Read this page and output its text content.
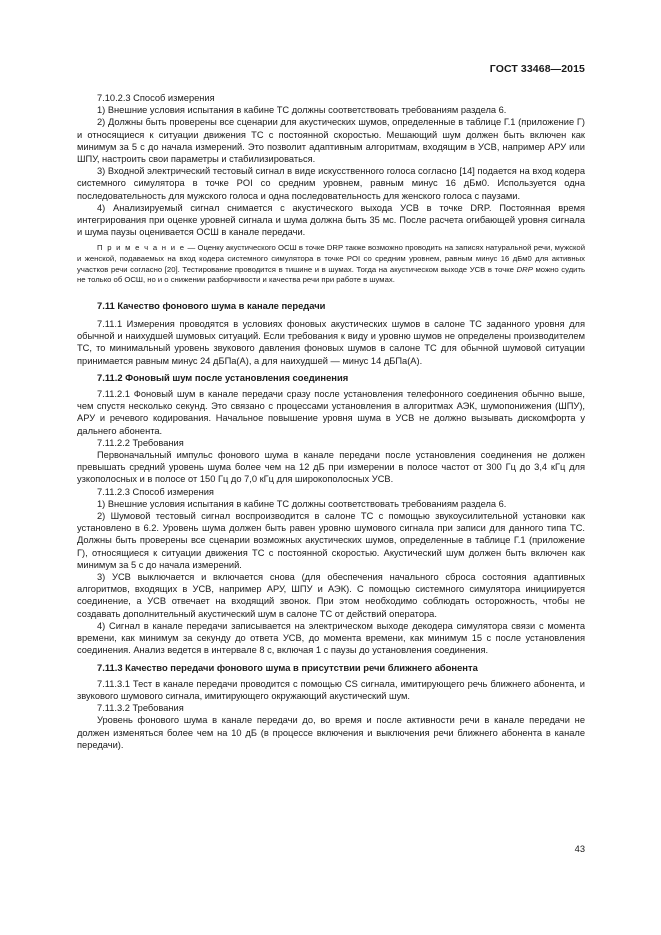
ГОСТ 33468—2015

7.10.2.3 Способ измерения

1) Внешние условия испытания в кабине ТС должны соответствовать требованиям раздела 6.

2) Должны быть проверены все сценарии для акустических шумов, определенные в таблице Г.1 (приложение Г) и относящиеся к ситуации движения ТС с постоянной скоростью. Мешающий шум должен быть включен как минимум за 5 с до начала измерений. Это позволит адаптивным алгоритмам, входящим в УСВ, например АРУ или ШПУ, настроить свои параметры и стабилизироваться.

3) Входной электрический тестовый сигнал в виде искусственного голоса согласно [14] подается на вход кодера системного симулятора в точке POI со средним уровнем, равным минус 16 дБм0. Используется одна последовательность для мужского голоса и одна последовательность для женского голоса с паузами.

4) Анализируемый сигнал снимается с акустического выхода УСВ в точке DRP. Постоянная время интегрирования при оценке уровней сигнала и шума должна быть 35 мс. После расчета огибающей уровня сигнала и шума паузы оценивается ОСШ в канале передачи.

П р и м е ч а н и е — Оценку акустического ОСШ в точке DRP также возможно проводить на записях натуральной речи, мужской и женской, подаваемых на вход кодера системного симулятора в точке POI со средним уровнем, равным минус 16 дБм0 для активных участков речи согласно [20]. Тестирование проводится в тишине и в шумах. Тогда на акустическом выходе УСВ в точке DRP можно судить не только об ОСШ, но и о снижении разборчивости и качества речи при работе в шумах.

7.11 Качество фонового шума в канале передачи

7.11.1 Измерения проводятся в условиях фоновых акустических шумов в салоне ТС заданного уровня для обычной и наихудшей шумовых ситуаций. Если требования к виду и уровню шумов не определены производителем ТС, то минимальный уровень звукового давления фоновых шумов в салоне ТС для обычной шумовой ситуации принимается равным минус 24 дБПа(А), а для наихудшей — минус 14 дБПа(А).

7.11.2 Фоновый шум после установления соединения

7.11.2.1 Фоновый шум в канале передачи сразу после установления телефонного соединения обычно выше, чем спустя несколько секунд. Это связано с процессами установления в алгоритмах АЭК, шумопонижения (ШПУ), АРУ и речевого кодирования. Начальное повышение уровня шума в УСВ не должно вызывать дискомфорта у дальнего абонента.

7.11.2.2 Требования

Первоначальный импульс фонового шума в канале передачи после установления соединения не должен превышать средний уровень шума более чем на 12 дБ при измерении в полосе частот от 300 Гц до 3,4 кГц для узкополосных и в полосе от 150 Гц до 7,0 кГц для широкополосных УСВ.

7.11.2.3 Способ измерения

1) Внешние условия испытания в кабине ТС должны соответствовать требованиям раздела 6.

2) Шумовой тестовый сигнал воспроизводится в салоне ТС с помощью звукоусилительной установки как установлено в 6.2. Уровень шума должен быть равен уровню шумового сигнала при записи для данного типа ТС. Должны быть проверены все сценарии возможных акустических шумов, определенные в таблице Г.1 (приложение Г), относящиеся к ситуации движения ТС с постоянной скоростью. Акустический шум должен быть включен как минимум за 5 с до начала измерений.

3) УСВ выключается и включается снова (для обеспечения начального сброса состояния адаптивных алгоритмов, входящих в УСВ, например АРУ, ШПУ и АЭК). С помощью системного симулятора инициируется соединение, а УСВ отвечает на входящий звонок. При этом необходимо соблюдать осторожность, чтобы не создавать дополнительный акустический шум в салоне ТС от действий оператора.

4) Сигнал в канале передачи записывается на электрическом выходе декодера симулятора связи с момента времени, как минимум за секунду до ответа УСВ, до момента времени, как минимум 15 с после установления соединения. Анализ ведется в интервале 8 с, включая 1 с паузы до установления соединения.

7.11.3 Качество передачи фонового шума в присутствии речи ближнего абонента

7.11.3.1 Тест в канале передачи проводится с помощью CS сигнала, имитирующего речь ближнего абонента, и звукового шумового сигнала, имитирующего окружающий акустический шум.

7.11.3.2 Требования

Уровень фонового шума в канале передачи до, во время и после активности речи в канале передачи не должен изменяться более чем на 10 дБ (в процессе включения и выключения речи ближнего абонента в канале передачи).

43
